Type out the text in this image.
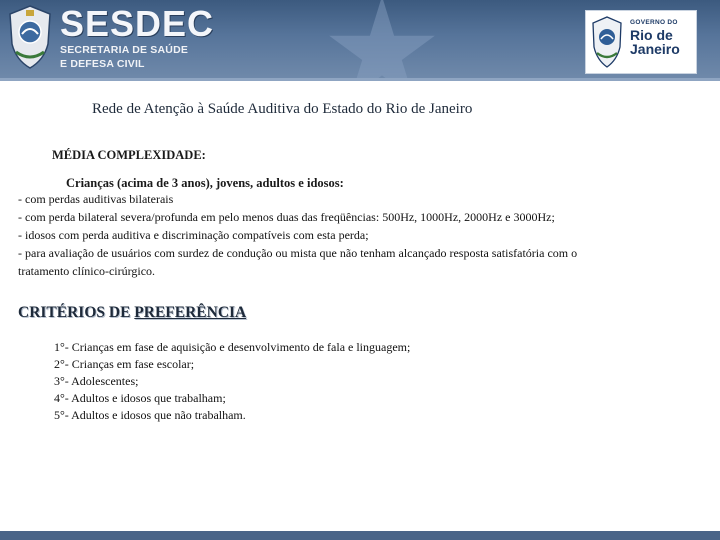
SESDEC
SECRETARIA DE SAÚDE
E DEFESA CIVIL
GOVERNO DO
Rio de
Janeiro
Rede de Atenção à Saúde Auditiva do Estado do Rio de Janeiro
MÉDIA COMPLEXIDADE:
Crianças (acima de 3 anos), jovens, adultos e idosos:
- com perdas auditivas bilaterais
- com perda bilateral severa/profunda em pelo menos duas das freqüências: 500Hz, 1000Hz, 2000Hz e 3000Hz;
- idosos com perda auditiva e discriminação compatíveis com esta perda;
- para avaliação de usuários com surdez de condução ou mista que não tenham alcançado resposta satisfatória com o
tratamento clínico-cirúrgico.
CRITÉRIOS DE PREFERÊNCIA
1°- Crianças em fase de aquisição e desenvolvimento de fala e linguagem;
2°- Crianças em fase escolar;
3°- Adolescentes;
4°- Adultos e idosos que trabalham;
5°- Adultos e idosos que não trabalham.
